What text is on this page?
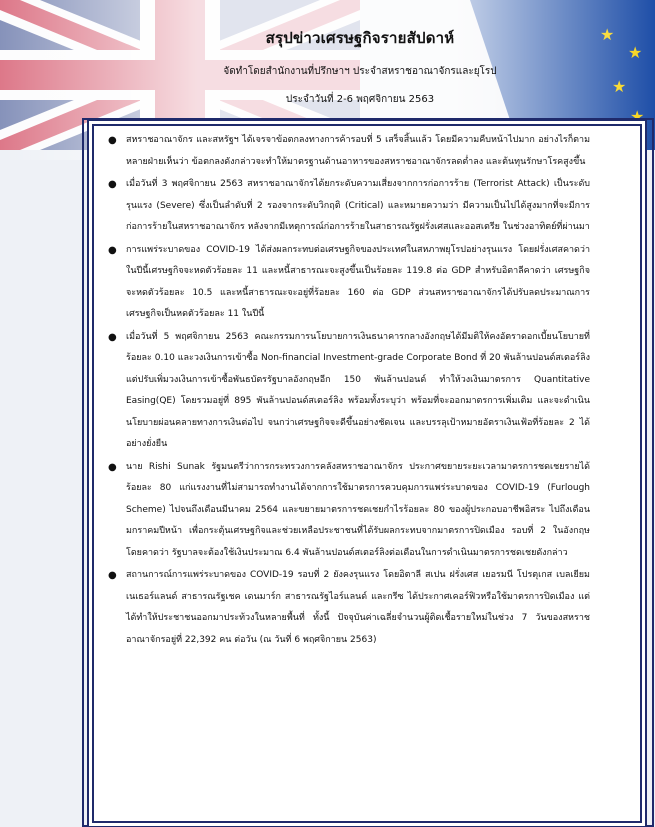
สรุปข่าวเศรษฐกิจรายสัปดาห์
จัดทำโดยสำนักงานที่ปรึกษาฯ ประจำสหราชอาณาจักรและยุโรป
ประจำวันที่ 2-6 พฤศจิกายน 2563
● สหราชอาณาจักร และสหรัฐฯ ได้เจรจาข้อตกลงทางการค้ารอบที่ 5 เสร็จสิ้นแล้ว โดยมีความคืบหน้าไปมาก อย่างไรก็ตาม หลายฝ่ายเห็นว่า ข้อตกลงดังกล่าวจะทำให้มาตรฐานด้านอาหารของสหราชอาณาจักรลดต่ำลง และต้นทุนรักษาโรคสูงขึ้น
● เมื่อวันที่ 3 พฤศจิกายน 2563 สหราชอาณาจักรได้ยกระดับความเสี่ยงจากการก่อการร้าย (Terrorist Attack) เป็นระดับรุนแรง (Severe) ซึ่งเป็นลำดับที่ 2 รองจากระดับวิกฤติ (Critical) และหมายความว่า มีความเป็นไปได้สูงมากที่จะมีการก่อการร้ายในสหราชอาณาจักร หลังจากมีเหตุการณ์ก่อการร้ายในสาธารณรัฐฝรั่งเศสและออสเตรีย ในช่วงอาทิตย์ที่ผ่านมา
● การแพร่ระบาดของ COVID-19 ได้ส่งผลกระทบต่อเศรษฐกิจของประเทศในสหภาพยุโรปอย่างรุนแรง โดยฝรั่งเศสคาดว่า ในปีนี้เศรษฐกิจจะหดตัวร้อยละ 11 และหนี้สาธารณะจะสูงขึ้นเป็นร้อยละ 119.8 ต่อ GDP สำหรับอิตาลีคาดว่า เศรษฐกิจจะหดตัวร้อยละ 10.5 และหนี้สาธารณะจะอยู่ที่ร้อยละ 160 ต่อ GDP ส่วนสหราชอาณาจักรได้ปรับลดประมาณการเศรษฐกิจเป็นหดตัวร้อยละ 11 ในปีนี้
● เมื่อวันที่ 5 พฤศจิกายน 2563 คณะกรรมการนโยบายการเงินธนาคารกลางอังกฤษได้มีมติให้คงอัตราดอกเบี้ยนโยบายที่ร้อยละ 0.10 และวงเงินการเข้าซื้อ Non-financial Investment-grade Corporate Bond ที่ 20 พันล้านปอนด์สเตอร์ลิง แต่ปรับเพิ่มวงเงินการเข้าซื้อพันธบัตรรัฐบาลอังกฤษอีก 150 พันล้านปอนด์ ทำให้วงเงินมาตรการ Quantitative Easing(QE) โดยรวมอยู่ที่ 895 พันล้านปอนด์สเตอร์ลิง พร้อมทั้งระบุว่า พร้อมที่จะออกมาตรการเพิ่มเติม และจะดำเนินนโยบายผ่อนคลายทางการเงินต่อไป จนกว่าเศรษฐกิจจะดีขึ้นอย่างชัดเจน และบรรลุเป้าหมายอัตราเงินเฟ้อที่ร้อยละ 2 ได้อย่างยั่งยืน
● นาย Rishi Sunak รัฐมนตรีว่าการกระทรวงการคลังสหราชอาณาจักร ประกาศขยายระยะเวลามาตรการชดเชยรายได้ร้อยละ 80 แก่แรงงานที่ไม่สามารถทำงานได้จากการใช้มาตรการควบคุมการแพร่ระบาดของ COVID-19 (Furlough Scheme) ไปจนถึงเดือนมีนาคม 2564 และขยายมาตรการชดเชยกำไรร้อยละ 80 ของผู้ประกอบอาชีพอิสระ ไปถึงเดือนมกราคมปีหน้า เพื่อกระตุ้นเศรษฐกิจและช่วยเหลือประชาชนที่ได้รับผลกระทบจากมาตรการปิดเมือง รอบที่ 2 ในอังกฤษ โดยคาดว่า รัฐบาลจะต้องใช้เงินประมาณ 6.4 พันล้านปอนด์สเตอร์ลิงต่อเดือนในการดำเนินมาตรการชดเชยดังกล่าว
● สถานการณ์การแพร่ระบาดของ COVID-19 รอบที่ 2 ยังคงรุนแรง โดยอิตาลี สเปน ฝรั่งเศส เยอรมนี โปรตุเกส เบลเยียม เนเธอร์แลนด์ สาธารณรัฐเชค เดนมาร์ก สาธารณรัฐไอร์แลนด์ และกรีซ ได้ประกาศเคอร์ฟิวหรือใช้มาตรการปิดเมือง แต่ได้ทำให้ประชาชนออกมาประท้วงในหลายพื้นที่ ทั้งนี้ ปัจจุบันค่าเฉลี่ยจำนวนผู้ติดเชื้อรายใหม่ในช่วง 7 วันของสหราชอาณาจักรอยู่ที่ 22,392 คน ต่อวัน (ณ วันที่ 6 พฤศจิกายน 2563)
